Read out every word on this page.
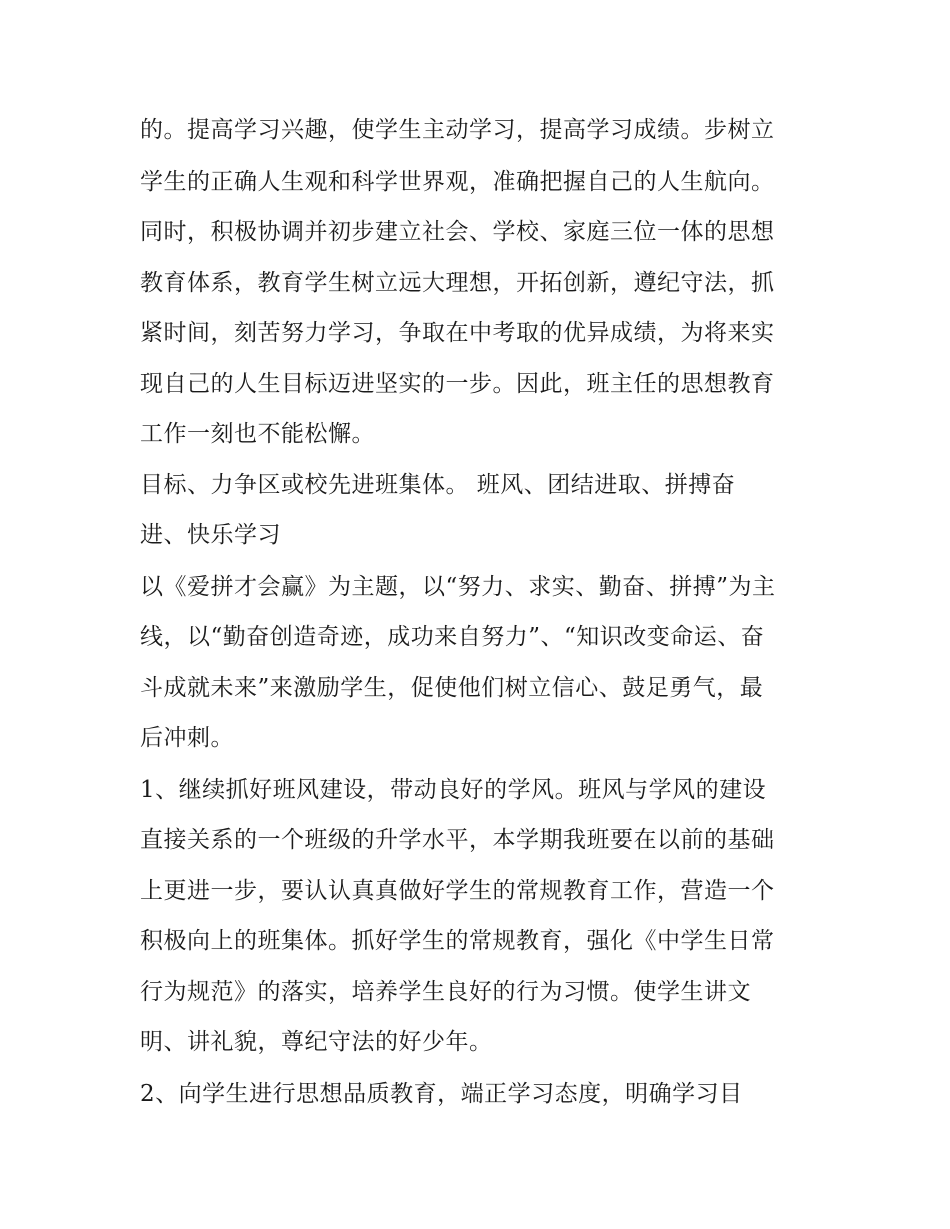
的。提高学习兴趣，使学生主动学习，提高学习成绩。步树立
学生的正确人生观和科学世界观，准确把握自己的人生航向。
同时，积极协调并初步建立社会、学校、家庭三位一体的思想
教育体系，教育学生树立远大理想，开拓创新，遵纪守法，抓
紧时间，刻苦努力学习，争取在中考取的优异成绩，为将来实
现自己的人生目标迈进坚实的一步。因此，班主任的思想教育
工作一刻也不能松懈。
目标、力争区或校先进班集体。 班风、团结进取、拼搏奋
进、快乐学习
以《爱拼才会赢》为主题，以“努力、求实、勤奋、拼搏”为主
线，以“勤奋创造奇迹，成功来自努力”、“知识改变命运、奋
斗成就未来”来激励学生，促使他们树立信心、鼓足勇气，最
后冲刺。
1、继续抓好班风建设，带动良好的学风。班风与学风的建设
直接关系的一个班级的升学水平，本学期我班要在以前的基础
上更进一步，要认认真真做好学生的常规教育工作，营造一个
积极向上的班集体。抓好学生的常规教育，强化《中学生日常
行为规范》的落实，培养学生良好的行为习惯。使学生讲文
明、讲礼貌，尊纪守法的好少年。
2、向学生进行思想品质教育，端正学习态度，明确学习目
